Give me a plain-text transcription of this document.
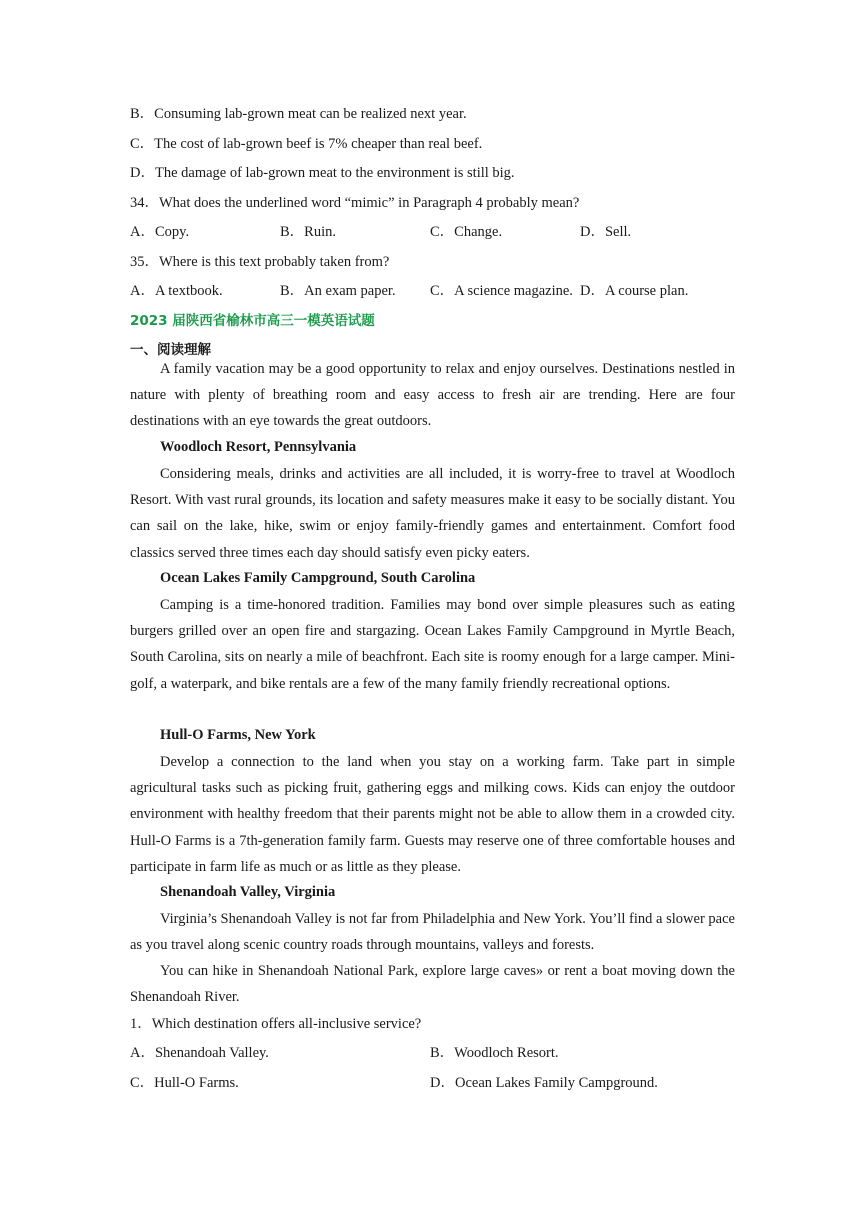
B．Consuming lab-grown meat can be realized next year.
C．The cost of lab-grown beef is 7% cheaper than real beef.
D．The damage of lab-grown meat to the environment is still big.
34．What does the underlined word “mimic” in Paragraph 4 probably mean?
A．Copy.	B．Ruin.	C．Change.	D．Sell.
35．Where is this text probably taken from?
A．A textbook.	B．An exam paper. C．A science magazine. D．A course plan.
2023 届陕西省榆林市高三一模英语试题
一、阅读理解
A family vacation may be a good opportunity to relax and enjoy ourselves. Destinations nestled in nature with plenty of breathing room and easy access to fresh air are trending. Here are four destinations with an eye towards the great outdoors.
Woodloch Resort, Pennsylvania
Considering meals, drinks and activities are all included, it is worry-free to travel at Woodloch Resort. With vast rural grounds, its location and safety measures make it easy to be socially distant. You can sail on the lake, hike, swim or enjoy family-friendly games and entertainment. Comfort food classics served three times each day should satisfy even picky eaters.
Ocean Lakes Family Campground, South Carolina
Camping is a time-honored tradition. Families may bond over simple pleasures such as eating burgers grilled over an open fire and stargazing. Ocean Lakes Family Campground in Myrtle Beach, South Carolina, sits on nearly a mile of beachfront. Each site is roomy enough for a large camper. Mini-golf, a waterpark, and bike rentals are a few of the many family friendly recreational options.
Hull-O Farms, New York
Develop a connection to the land when you stay on a working farm. Take part in simple agricultural tasks such as picking fruit, gathering eggs and milking cows. Kids can enjoy the outdoor environment with healthy freedom that their parents might not be able to allow them in a crowded city. Hull-O Farms is a 7th-generation family farm. Guests may reserve one of three comfortable houses and participate in farm life as much or as little as they please.
Shenandoah Valley, Virginia
Virginia’s Shenandoah Valley is not far from Philadelphia and New York. You’ll find a slower pace as you travel along scenic country roads through mountains, valleys and forests.
You can hike in Shenandoah National Park, explore large caves» or rent a boat moving down the Shenandoah River.
1．Which destination offers all-inclusive service?
A．Shenandoah Valley.	B．Woodloch Resort.
C．Hull-O Farms.	D．Ocean Lakes Family Campground.
